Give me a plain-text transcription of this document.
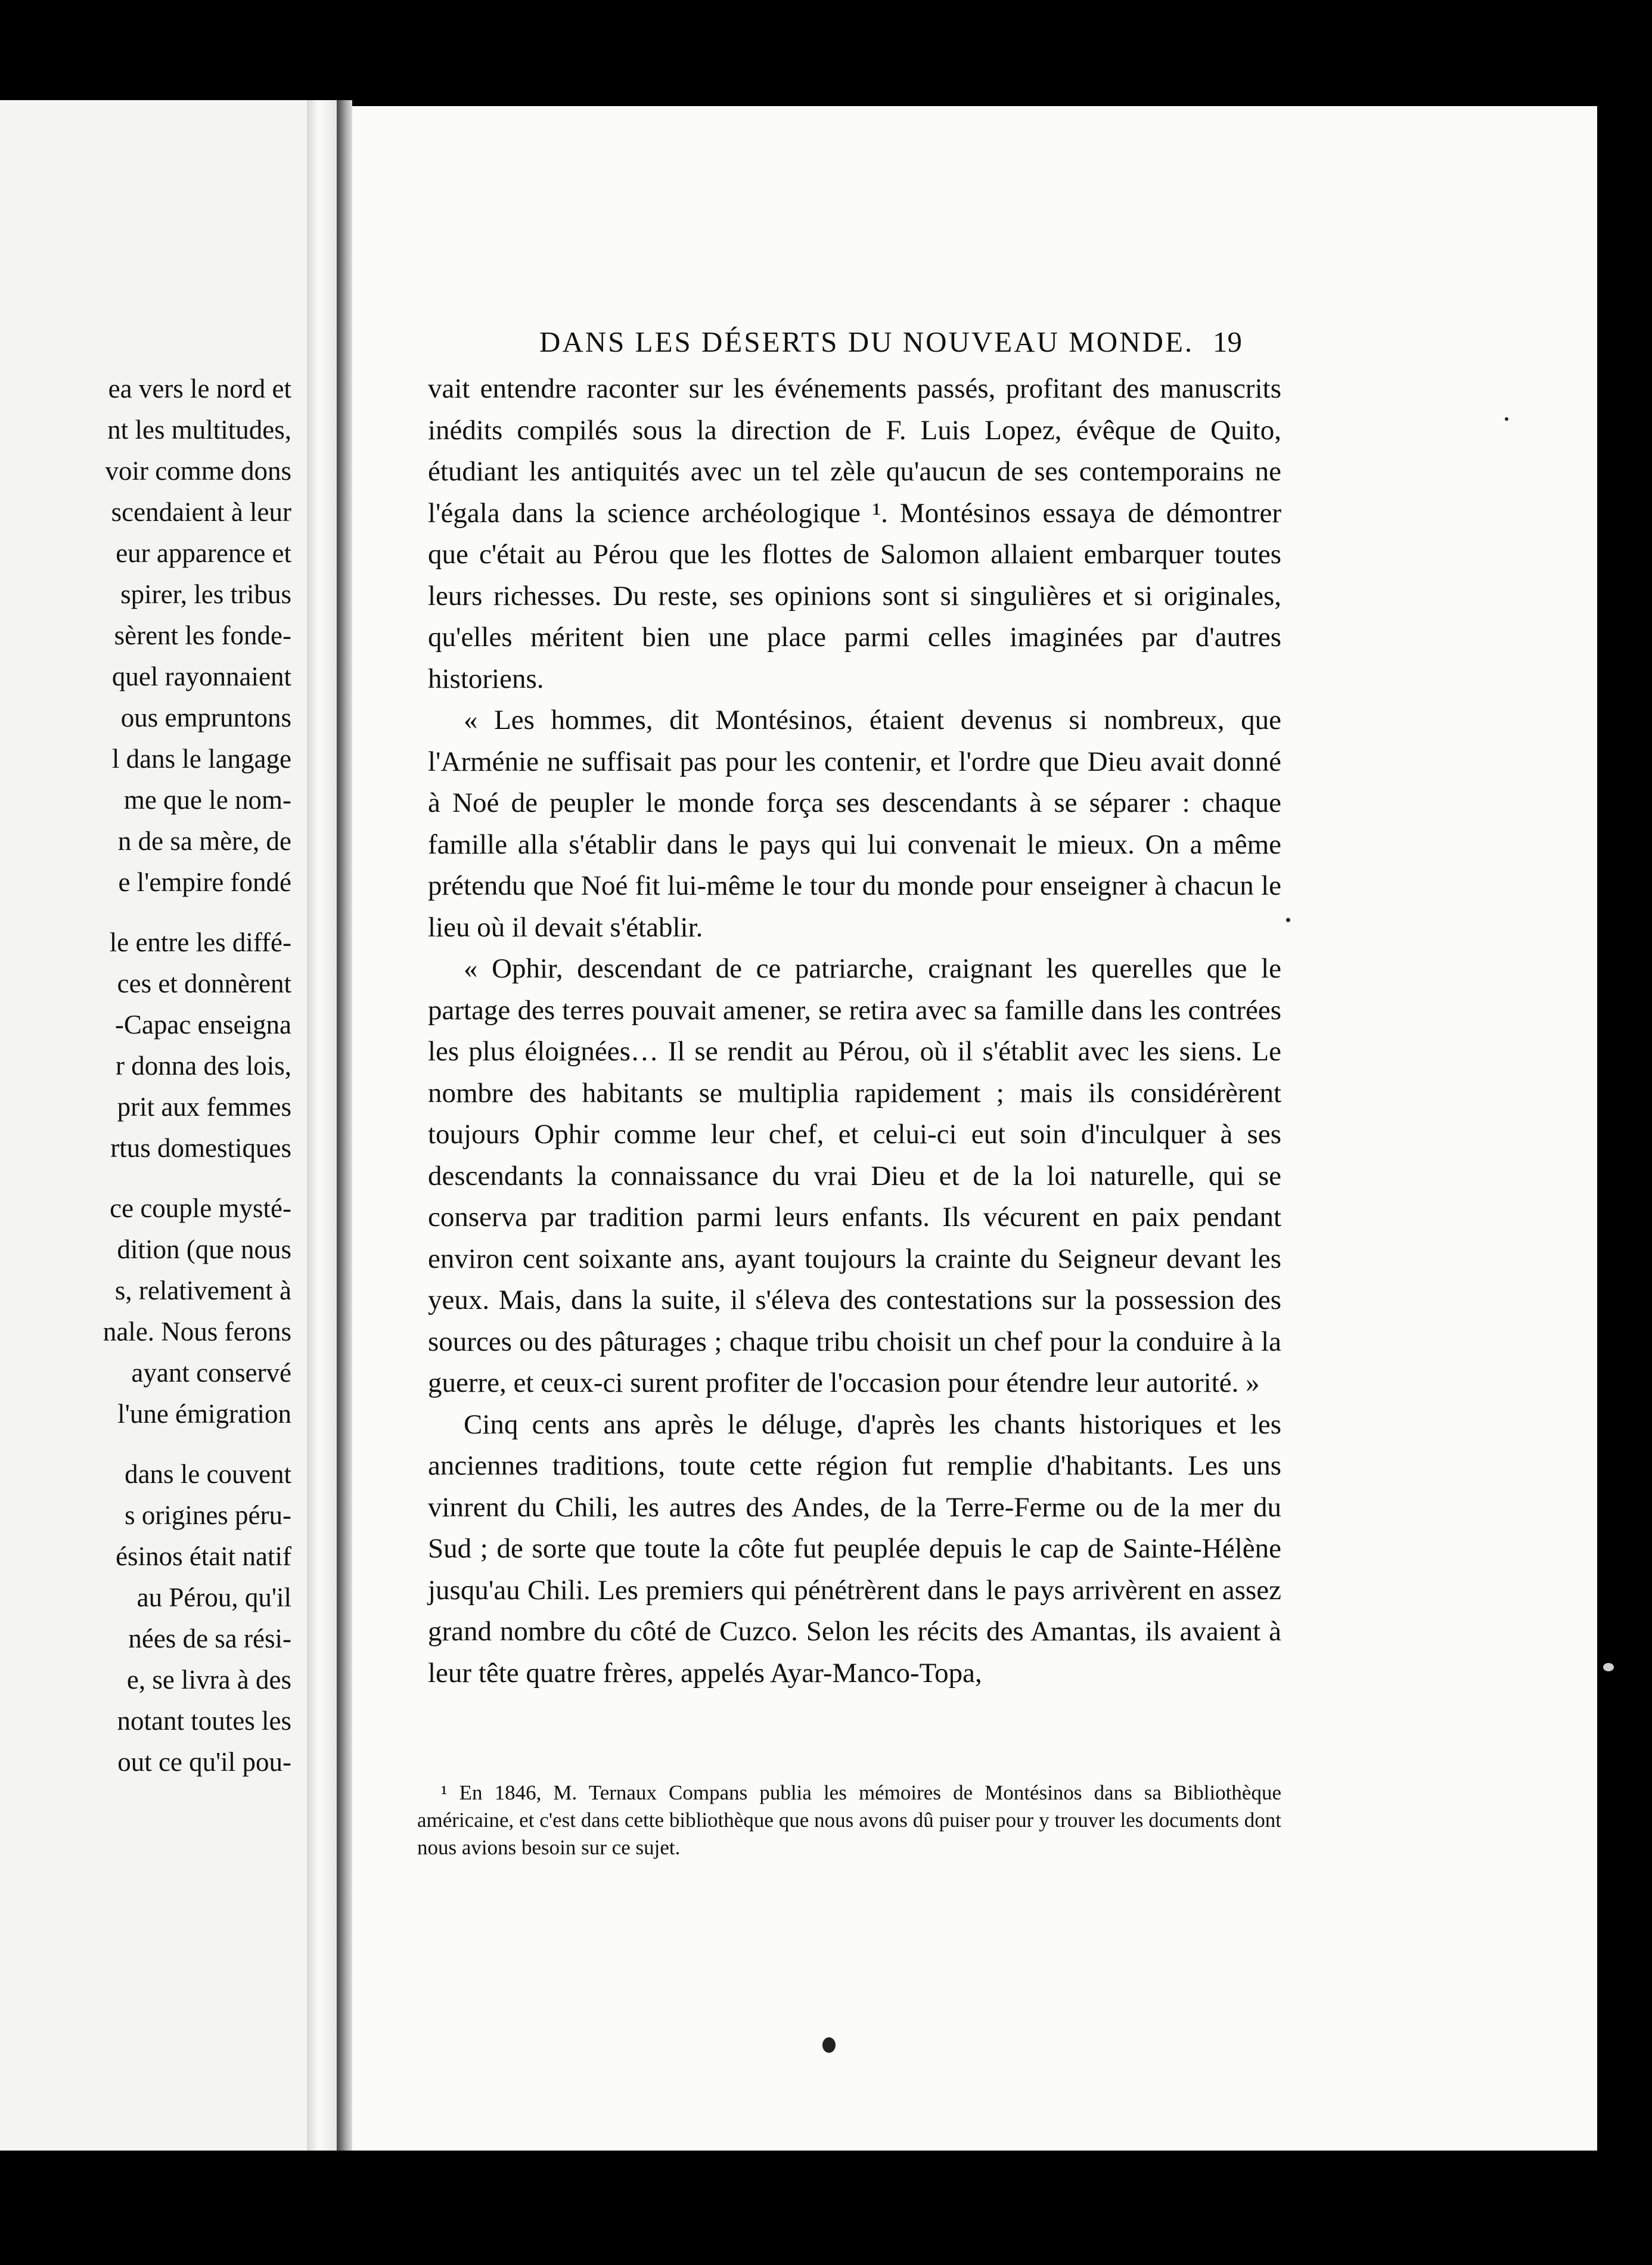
ea vers le nord et
nt les multitudes,
voir comme dons
scendaient à leur
eur apparence et
spirer, les tribus
sèrent les fonde-
quel rayonnaient
ous empruntons
l dans le langage
me que le nom-
n de sa mère, de
e l'empire fondé
le entre les diffé-
ces et donnèrent
-Capac enseigna
r donna des lois,
prit aux femmes
rtus domestiques
ce couple mysté-
dition (que nous
s, relativement à
nale. Nous ferons
ayant conservé
l'une émigration
dans le couvent
s origines péru-
ésinos était natif
au Pérou, qu'il
nées de sa rési-
e, se livra à des
notant toutes les
out ce qu'il pou-
DANS LES DÉSERTS DU NOUVEAU MONDE. 19

vait entendre raconter sur les événements passés, profitant des manuscrits inédits compilés sous la direction de F. Luis Lopez, évêque de Quito, étudiant les antiquités avec un tel zèle qu'aucun de ses contemporains ne l'égala dans la science archéologique ¹. Montésinos essaya de démontrer que c'était au Pérou que les flottes de Salomon allaient embarquer toutes leurs richesses. Du reste, ses opinions sont si singulières et si originales, qu'elles méritent bien une place parmi celles imaginées par d'autres historiens.

« Les hommes, dit Montésinos, étaient devenus si nombreux, que l'Arménie ne suffisait pas pour les contenir, et l'ordre que Dieu avait donné à Noé de peupler le monde força ses descendants à se séparer : chaque famille alla s'établir dans le pays qui lui convenait le mieux. On a même prétendu que Noé fit lui-même le tour du monde pour enseigner à chacun le lieu où il devait s'établir.

« Ophir, descendant de ce patriarche, craignant les querelles que le partage des terres pouvait amener, se retira avec sa famille dans les contrées les plus éloignées… Il se rendit au Pérou, où il s'établit avec les siens. Le nombre des habitants se multiplia rapidement ; mais ils considérèrent toujours Ophir comme leur chef, et celui-ci eut soin d'inculquer à ses descendants la connaissance du vrai Dieu et de la loi naturelle, qui se conserva par tradition parmi leurs enfants. Ils vécurent en paix pendant environ cent soixante ans, ayant toujours la crainte du Seigneur devant les yeux. Mais, dans la suite, il s'éleva des contestations sur la possession des sources ou des pâturages ; chaque tribu choisit un chef pour la conduire à la guerre, et ceux-ci surent profiter de l'occasion pour étendre leur autorité. »

Cinq cents ans après le déluge, d'après les chants historiques et les anciennes traditions, toute cette région fut remplie d'habitants. Les uns vinrent du Chili, les autres des Andes, de la Terre-Ferme ou de la mer du Sud ; de sorte que toute la côte fut peuplée depuis le cap de Sainte-Hélène jusqu'au Chili. Les premiers qui pénétrèrent dans le pays arrivèrent en assez grand nombre du côté de Cuzco. Selon les récits des Amantas, ils avaient à leur tête quatre frères, appelés Ayar-Manco-Topa,

¹ En 1846, M. Ternaux Compans publia les mémoires de Montésinos dans sa Bibliothèque américaine, et c'est dans cette bibliothèque que nous avons dû puiser pour y trouver les documents dont nous avions besoin sur ce sujet.
